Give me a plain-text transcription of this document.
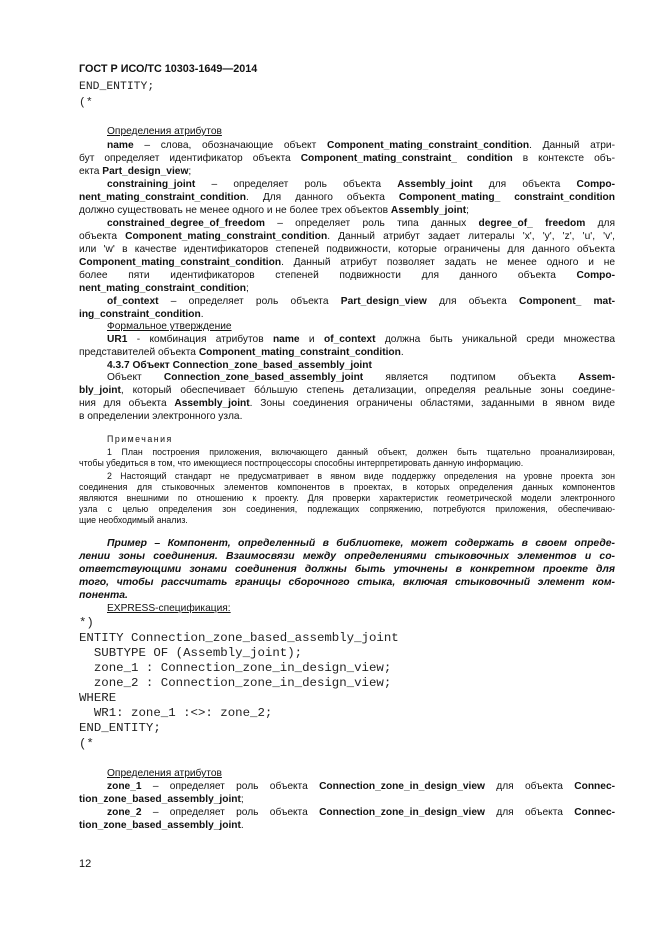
ГОСТ Р ИСО/ТС 10303-1649—2014

END_ENTITY;

(*

Определения атрибутов

name – слова, обозначающие объект Component_mating_constraint_condition. Данный атри-

бут определяет идентификатор объекта Component_mating_constraint_ condition в контексте объ-

екта Part_design_view;

constraining_joint – определяет роль объекта Assembly_joint для объекта Compo-

nent_mating_constraint_condition. Для данного объекта Component_mating_ constraint_condition

должно существовать не менее одного и не более трех объектов Assembly_joint;

constrained_degree_of_freedom – определяет роль типа данных degree_of_ freedom для

объекта Component_mating_constraint_condition. Данный атрибут задает литералы 'x', 'y', 'z', 'u', 'v',

или 'w' в качестве идентификаторов степеней подвижности, которые ограничены для данного объекта

Component_mating_constraint_condition. Данный атрибут позволяет задать не менее одного и не

более пяти идентификаторов степеней подвижности для данного объекта Compo-

nent_mating_constraint_condition;

of_context – определяет роль объекта Part_design_view для объекта Component_ mat-

ing_constraint_condition.

Формальное утверждение

UR1 - комбинация атрибутов name и of_context должна быть уникальной среди множества

представителей объекта Component_mating_constraint_condition.

4.3.7 Объект Connection_zone_based_assembly_joint

Объект Connection_zone_based_assembly_joint является подтипом объекта Assem-

bly_joint, который обеспечивает бóльшую степень детализации, определяя реальные зоны соедине-

ния для объекта Assembly_joint. Зоны соединения ограничены областями, заданными в явном виде

в определении электронного узла.

Примечания

1 План построения приложения, включающего данный объект, должен быть тщательно проанализирован,

чтобы убедиться в том, что имеющиеся постпроцессоры способны интерпретировать данную информацию.

2 Настоящий стандарт не предусматривает в явном виде поддержку определения на уровне проекта зон

соединения для стыковочных элементов компонентов в проектах, в которых определения данных компонентов

являются внешними по отношению к проекту. Для проверки характеристик геометрической модели электронного

узла с целью определения зон соединения, подлежащих сопряжению, потребуются приложения, обеспечиваю-

щие необходимый анализ.

Пример – Компонент, определенный в библиотеке, может содержать в своем опреде-

лении зоны соединения. Взаимосвязи между определениями стыковочных элементов и со-

ответствующими зонами соединения должны быть уточнены в конкретном проекте для

того, чтобы рассчитать границы сборочного стыка, включая стыковочный элемент ком-

понента.

EXPRESS-спецификация:

*)

ENTITY Connection_zone_based_assembly_joint

SUBTYPE OF (Assembly_joint);

zone_1 : Connection_zone_in_design_view;

zone_2 : Connection_zone_in_design_view;

WHERE

WR1: zone_1 :<>: zone_2;

END_ENTITY;

(*

Определения атрибутов

zone_1 – определяет роль объекта Connection_zone_in_design_view для объекта Connec-

tion_zone_based_assembly_joint;

zone_2 – определяет роль объекта Connection_zone_in_design_view для объекта Connec-

tion_zone_based_assembly_joint.

12
